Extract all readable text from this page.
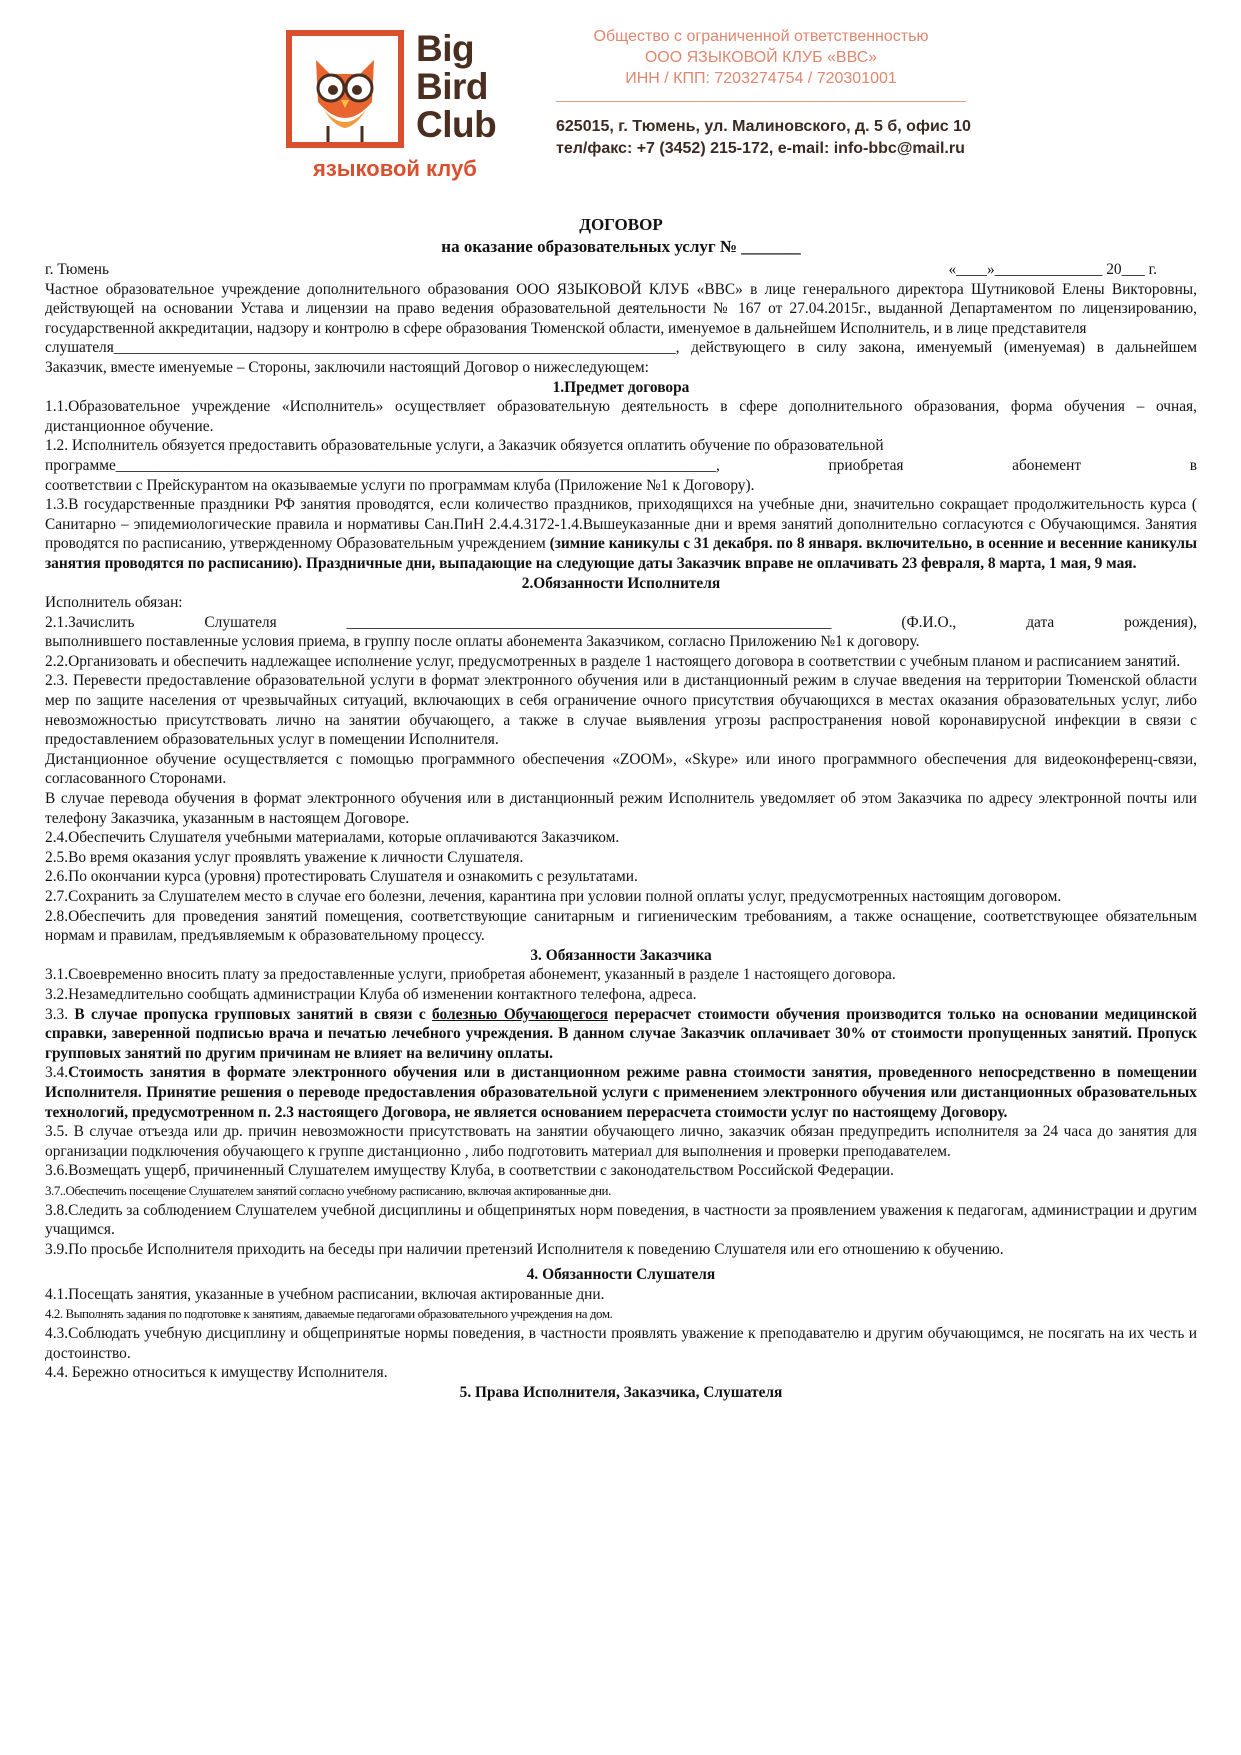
Big
Bird
Club
языковой клуб
Общество с ограниченной ответственностью
ООО ЯЗЫКОВОЙ КЛУБ «ВВС»
ИНН / КПП: 7203274754 / 720301001
625015, г. Тюмень, ул. Малиновского, д. 5 б, офис 10
тел/факс: +7 (3452) 215-172, e-mail: info-bbc@mail.ru

ДОГОВОР

на оказание образовательных услуг № _______

г. Тюмень	«____»______________ 20___ г.

Частное образовательное учреждение дополнительного образования ООО ЯЗЫКОВОЙ КЛУБ «ВВС» в лице генерального директора Шутниковой Елены Викторовны, действующей на основании Устава и лицензии на право ведения образовательной деятельности № 167 от 27.04.2015г., выданной Департаментом по лицензированию, государственной аккредитации, надзору и контролю в сфере образования Тюменской области, именуемое в дальнейшем Исполнитель, и в лице представителя

слушателя_________________________________________________________________________, действующего в силу закона, именуемый (именуемая) в дальнейшем Заказчик, вместе именуемые – Стороны, заключили настоящий Договор о нижеследующем:

1.Предмет договора

1.1.Образовательное учреждение «Исполнитель» осуществляет образовательную деятельность в сфере дополнительного образования, форма обучения – очная, дистанционное обучение.

1.2. Исполнитель обязуется предоставить образовательные услуги, а Заказчик обязуется оплатить обучение по образовательной

программе______________________________________________________________________________,	приобретая	абонемент	в

соответствии с Прейскурантом на оказываемые услуги по программам клуба (Приложение №1 к Договору).

1.3.В государственные праздники РФ занятия проводятся, если количество праздников, приходящихся на учебные дни, значительно сокращает продолжительность курса ( Санитарно – эпидемиологические правила и нормативы Сан.ПиН 2.4.4.3172-1.4.Вышеуказанные дни и время занятий дополнительно согласуются с Обучающимся. Занятия проводятся по расписанию, утвержденному Образовательным учреждением (зимние каникулы с 31 декабря. по 8 января. включительно, в осенние и весенние каникулы занятия проводятся по расписанию). Праздничные дни, выпадающие на следующие даты Заказчик вправе не оплачивать 23 февраля, 8 марта, 1 мая, 9 мая.

2.Обязанности Исполнителя

Исполнитель обязан:

2.1.Зачислить	Слушателя	_______________________________________________________________	(Ф.И.О.,	дата	рождения),

выполнившего поставленные условия приема, в группу после оплаты абонемента Заказчиком, согласно Приложению №1 к договору.

2.2.Организовать и обеспечить надлежащее исполнение услуг, предусмотренных в разделе 1 настоящего договора в соответствии с учебным планом и расписанием занятий.

2.3. Перевести предоставление образовательной услуги в формат электронного обучения или в дистанционный режим в случае введения на территории Тюменской области мер по защите населения от чрезвычайных ситуаций, включающих в себя ограничение очного присутствия обучающихся в местах оказания образовательных услуг, либо невозможностью присутствовать лично на занятии обучающего, а также в случае выявления угрозы распространения новой коронавирусной инфекции в связи с предоставлением образовательных услуг в помещении Исполнителя.

Дистанционное обучение осуществляется с помощью программного обеспечения «ZOOM», «Skype» или иного программного обеспечения для видеоконференц-связи, согласованного Сторонами.

В случае перевода обучения в формат электронного обучения или в дистанционный режим Исполнитель уведомляет об этом Заказчика по адресу электронной почты или телефону Заказчика, указанным в настоящем Договоре.

2.4.Обеспечить Слушателя учебными материалами, которые оплачиваются Заказчиком.

2.5.Во время оказания услуг проявлять уважение к личности Слушателя.

2.6.По окончании курса (уровня) протестировать Слушателя и ознакомить с результатами.

2.7.Сохранить за Слушателем место в случае его болезни, лечения, карантина при условии полной оплаты услуг, предусмотренных настоящим договором.

2.8.Обеспечить для проведения занятий помещения, соответствующие санитарным и гигиеническим требованиям, а также оснащение, соответствующее обязательным нормам и правилам, предъявляемым к образовательному процессу.

3. Обязанности Заказчика

3.1.Своевременно вносить плату за предоставленные услуги, приобретая абонемент, указанный в разделе 1 настоящего договора.

3.2.Незамедлительно сообщать администрации Клуба об изменении контактного телефона, адреса.

3.3. В случае пропуска групповых занятий в связи с болезнью Обучающегося перерасчет стоимости обучения производится только на основании медицинской справки, заверенной подписью врача и печатью лечебного учреждения. В данном случае Заказчик оплачивает 30% от стоимости пропущенных занятий. Пропуск групповых занятий по другим причинам не влияет на величину оплаты.

3.4.Стоимость занятия в формате электронного обучения или в дистанционном режиме равна стоимости занятия, проведенного непосредственно в помещении Исполнителя. Принятие решения о переводе предоставления образовательной услуги с применением электронного обучения или дистанционных образовательных технологий, предусмотренном п. 2.3 настоящего Договора, не является основанием перерасчета стоимости услуг по настоящему Договору.

3.5. В случае отъезда или др. причин невозможности присутствовать на занятии обучающего лично, заказчик обязан предупредить исполнителя за 24 часа до занятия для организации подключения обучающего к группе дистанционно , либо подготовить материал для выполнения и проверки преподавателем.

3.6.Возмещать ущерб, причиненный Слушателем имуществу Клуба, в соответствии с законодательством Российской Федерации.

3.7..Обеспечить посещение Слушателем занятий согласно учебному расписанию, включая актированные дни.

3.8.Следить за соблюдением Слушателем учебной дисциплины и общепринятых норм поведения, в частности за проявлением уважения к педагогам, администрации и другим учащимся.

3.9.По просьбе Исполнителя приходить на беседы при наличии претензий Исполнителя к поведению Слушателя или его отношению к обучению.

4. Обязанности Слушателя

4.1.Посещать занятия, указанные в учебном расписании, включая актированные дни.

4.2. Выполнять задания по подготовке к занятиям, даваемые педагогами образовательного учреждения на дом.

4.3.Соблюдать учебную дисциплину и общепринятые нормы поведения, в частности проявлять уважение к преподавателю и другим обучающимся, не посягать на их честь и достоинство.

4.4. Бережно относиться к имуществу Исполнителя.

5. Права Исполнителя, Заказчика, Слушателя
